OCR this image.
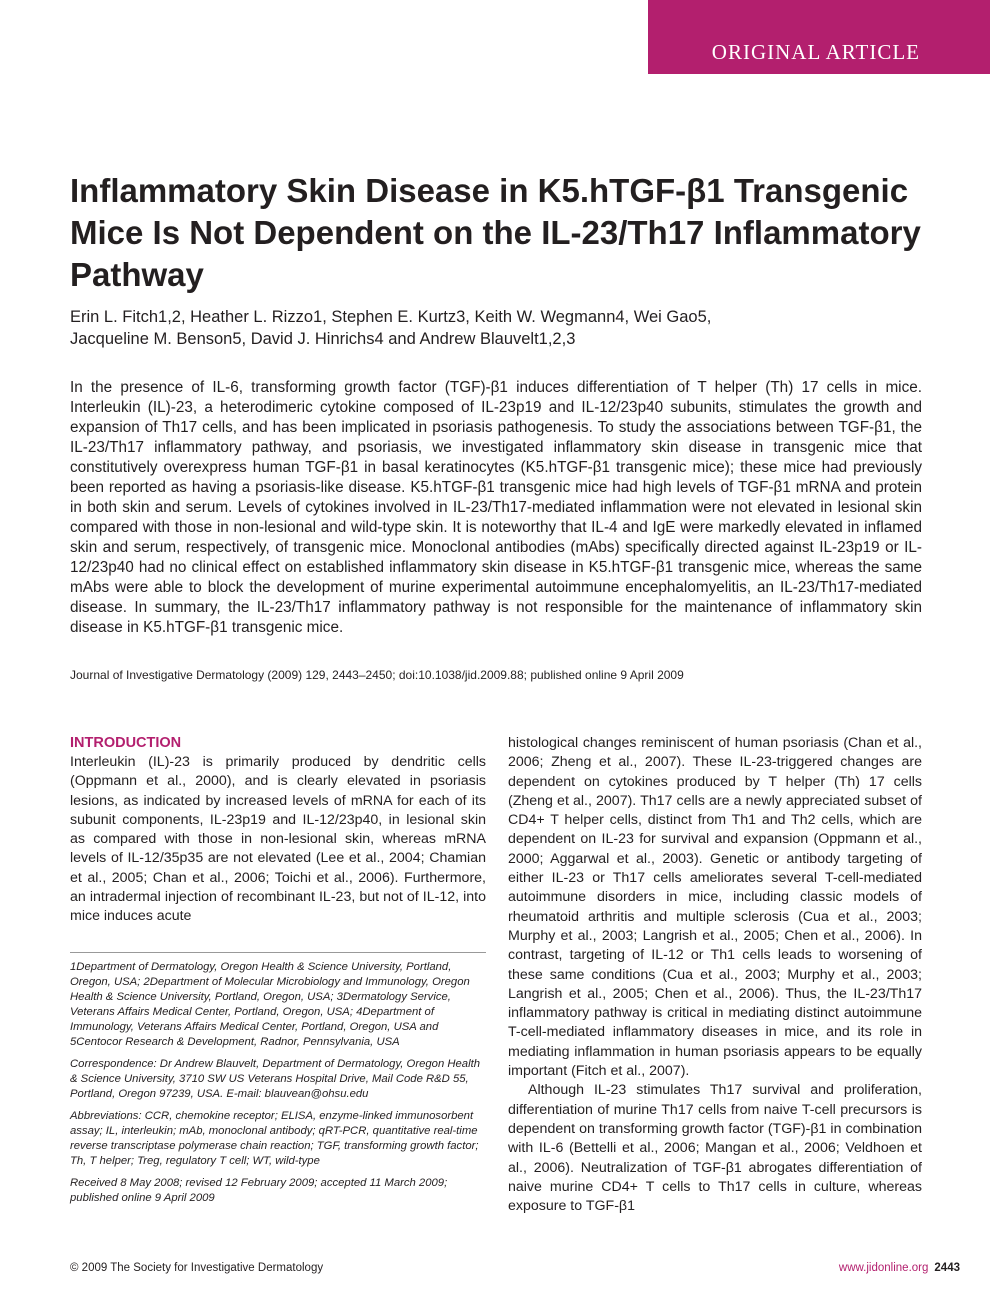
ORIGINAL ARTICLE
Inflammatory Skin Disease in K5.hTGF-β1 Transgenic Mice Is Not Dependent on the IL-23/Th17 Inflammatory Pathway
Erin L. Fitch1,2, Heather L. Rizzo1, Stephen E. Kurtz3, Keith W. Wegmann4, Wei Gao5,
Jacqueline M. Benson5, David J. Hinrichs4 and Andrew Blauvelt1,2,3

In the presence of IL-6, transforming growth factor (TGF)-β1 induces differentiation of T helper (Th) 17 cells in mice. Interleukin (IL)-23, a heterodimeric cytokine composed of IL-23p19 and IL-12/23p40 subunits, stimulates the growth and expansion of Th17 cells, and has been implicated in psoriasis pathogenesis. To study the associations between TGF-β1, the IL-23/Th17 inflammatory pathway, and psoriasis, we investigated inflammatory skin disease in transgenic mice that constitutively overexpress human TGF-β1 in basal keratinocytes (K5.hTGF-β1 transgenic mice); these mice had previously been reported as having a psoriasis-like disease. K5.hTGF-β1 transgenic mice had high levels of TGF-β1 mRNA and protein in both skin and serum. Levels of cytokines involved in IL-23/Th17-mediated inflammation were not elevated in lesional skin compared with those in non-lesional and wild-type skin. It is noteworthy that IL-4 and IgE were markedly elevated in inflamed skin and serum, respectively, of transgenic mice. Monoclonal antibodies (mAbs) specifically directed against IL-23p19 or IL-12/23p40 had no clinical effect on established inflammatory skin disease in K5.hTGF-β1 transgenic mice, whereas the same mAbs were able to block the development of murine experimental autoimmune encephalomyelitis, an IL-23/Th17-mediated disease. In summary, the IL-23/Th17 inflammatory pathway is not responsible for the maintenance of inflammatory skin disease in K5.hTGF-β1 transgenic mice.

Journal of Investigative Dermatology (2009) 129, 2443–2450; doi:10.1038/jid.2009.88; published online 9 April 2009
INTRODUCTION

Interleukin (IL)-23 is primarily produced by dendritic cells (Oppmann et al., 2000), and is clearly elevated in psoriasis lesions, as indicated by increased levels of mRNA for each of its subunit components, IL-23p19 and IL-12/23p40, in lesional skin as compared with those in non-lesional skin, whereas mRNA levels of IL-12/35p35 are not elevated (Lee et al., 2004; Chamian et al., 2005; Chan et al., 2006; Toichi et al., 2006). Furthermore, an intradermal injection of recombinant IL-23, but not of IL-12, into mice induces acute

histological changes reminiscent of human psoriasis (Chan et al., 2006; Zheng et al., 2007). These IL-23-triggered changes are dependent on cytokines produced by T helper (Th) 17 cells (Zheng et al., 2007). Th17 cells are a newly appreciated subset of CD4+ T helper cells, distinct from Th1 and Th2 cells, which are dependent on IL-23 for survival and expansion (Oppmann et al., 2000; Aggarwal et al., 2003). Genetic or antibody targeting of either IL-23 or Th17 cells ameliorates several T-cell-mediated autoimmune disorders in mice, including classic models of rheumatoid arthritis and multiple sclerosis (Cua et al., 2003; Murphy et al., 2003; Langrish et al., 2005; Chen et al., 2006). In contrast, targeting of IL-12 or Th1 cells leads to worsening of these same conditions (Cua et al., 2003; Murphy et al., 2003; Langrish et al., 2005; Chen et al., 2006). Thus, the IL-23/Th17 inflammatory pathway is critical in mediating distinct autoimmune T-cell-mediated inflammatory diseases in mice, and its role in mediating inflammation in human psoriasis appears to be equally important (Fitch et al., 2007).

Although IL-23 stimulates Th17 survival and proliferation, differentiation of murine Th17 cells from naive T-cell precursors is dependent on transforming growth factor (TGF)-β1 in combination with IL-6 (Bettelli et al., 2006; Mangan et al., 2006; Veldhoen et al., 2006). Neutralization of TGF-β1 abrogates differentiation of naive murine CD4+ T cells to Th17 cells in culture, whereas exposure to TGF-β1

1Department of Dermatology, Oregon Health & Science University, Portland, Oregon, USA; 2Department of Molecular Microbiology and Immunology, Oregon Health & Science University, Portland, Oregon, USA; 3Dermatology Service, Veterans Affairs Medical Center, Portland, Oregon, USA; 4Department of Immunology, Veterans Affairs Medical Center, Portland, Oregon, USA and 5Centocor Research & Development, Radnor, Pennsylvania, USA

Correspondence: Dr Andrew Blauvelt, Department of Dermatology, Oregon Health & Science University, 3710 SW US Veterans Hospital Drive, Mail Code R&D 55, Portland, Oregon 97239, USA. E-mail: blauvean@ohsu.edu

Abbreviations: CCR, chemokine receptor; ELISA, enzyme-linked immunosorbent assay; IL, interleukin; mAb, monoclonal antibody; qRT-PCR, quantitative real-time reverse transcriptase polymerase chain reaction; TGF, transforming growth factor; Th, T helper; Treg, regulatory T cell; WT, wild-type

Received 8 May 2008; revised 12 February 2009; accepted 11 March 2009; published online 9 April 2009

© 2009 The Society for Investigative Dermatology	www.jidonline.org 2443
